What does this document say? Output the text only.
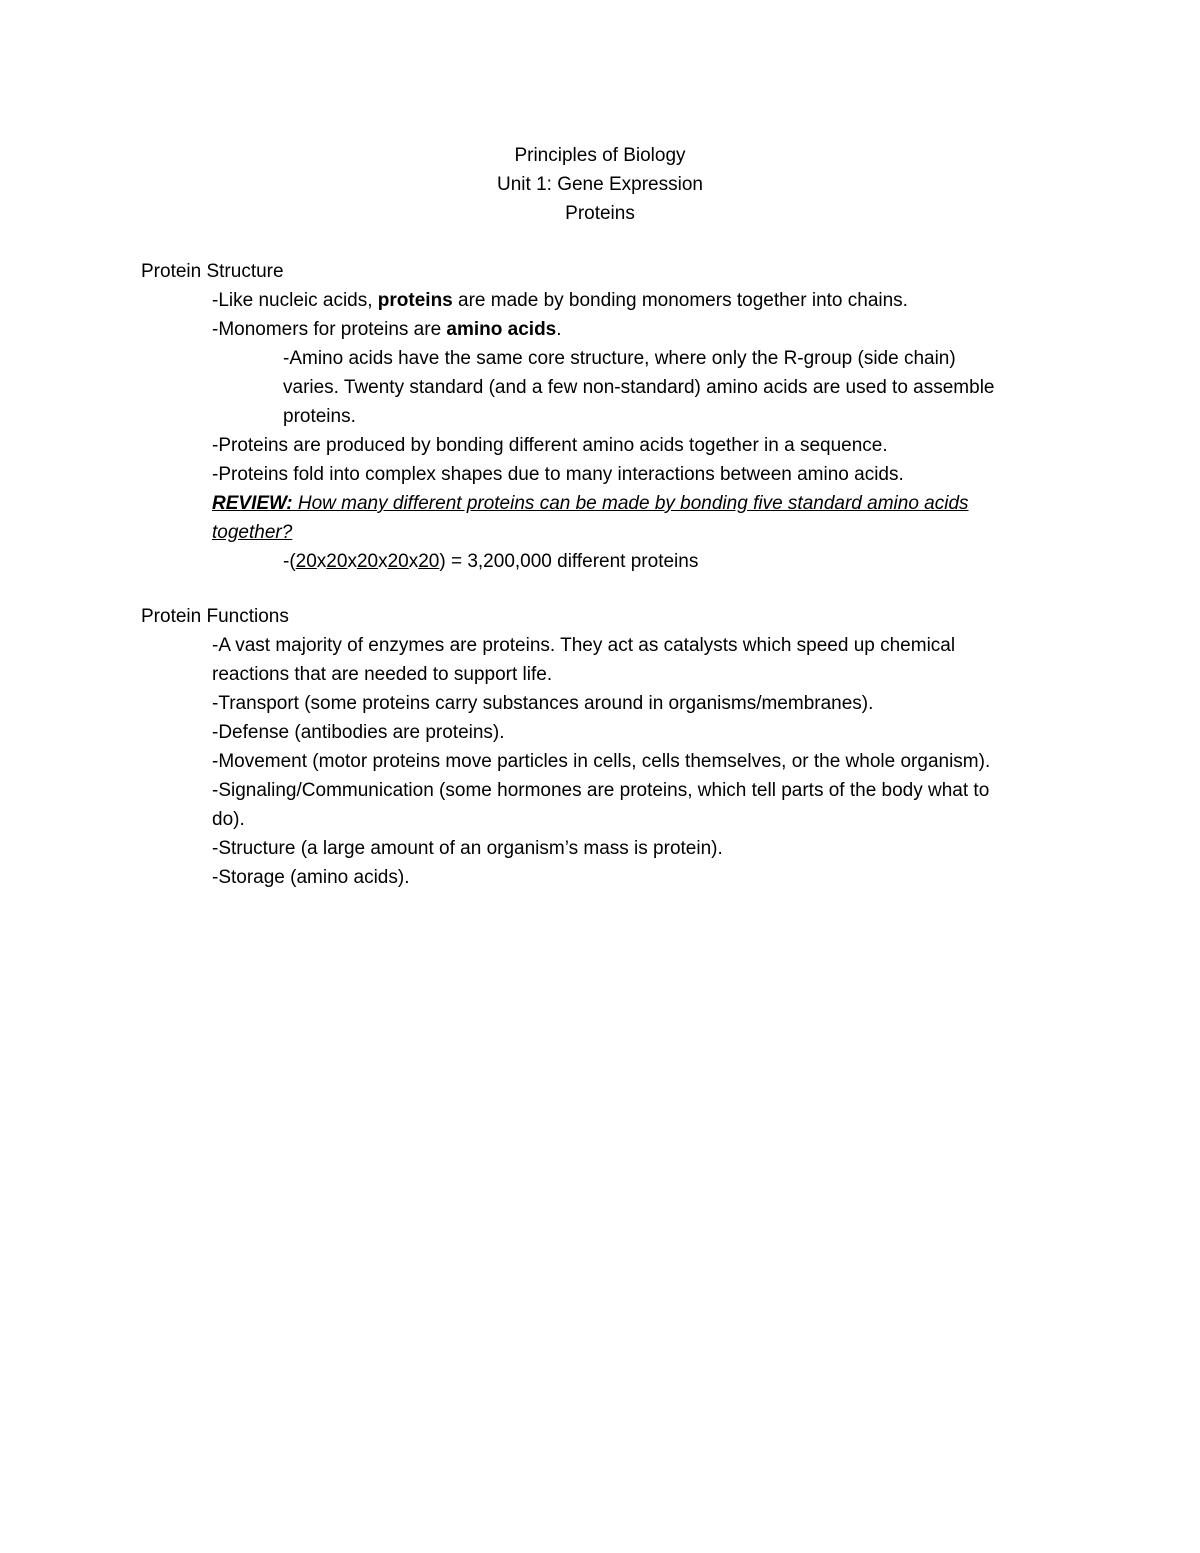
Principles of Biology
Unit 1: Gene Expression
Proteins
Protein Structure
-Like nucleic acids, proteins are made by bonding monomers together into chains.
-Monomers for proteins are amino acids.
-Amino acids have the same core structure, where only the R-group (side chain) varies. Twenty standard (and a few non-standard) amino acids are used to assemble proteins.
-Proteins are produced by bonding different amino acids together in a sequence.
-Proteins fold into complex shapes due to many interactions between amino acids.
REVIEW: How many different proteins can be made by bonding five standard amino acids together?
-(20x20x20x20x20) = 3,200,000 different proteins
Protein Functions
-A vast majority of enzymes are proteins. They act as catalysts which speed up chemical reactions that are needed to support life.
-Transport (some proteins carry substances around in organisms/membranes).
-Defense (antibodies are proteins).
-Movement (motor proteins move particles in cells, cells themselves, or the whole organism).
-Signaling/Communication (some hormones are proteins, which tell parts of the body what to do).
-Structure (a large amount of an organism’s mass is protein).
-Storage (amino acids).
